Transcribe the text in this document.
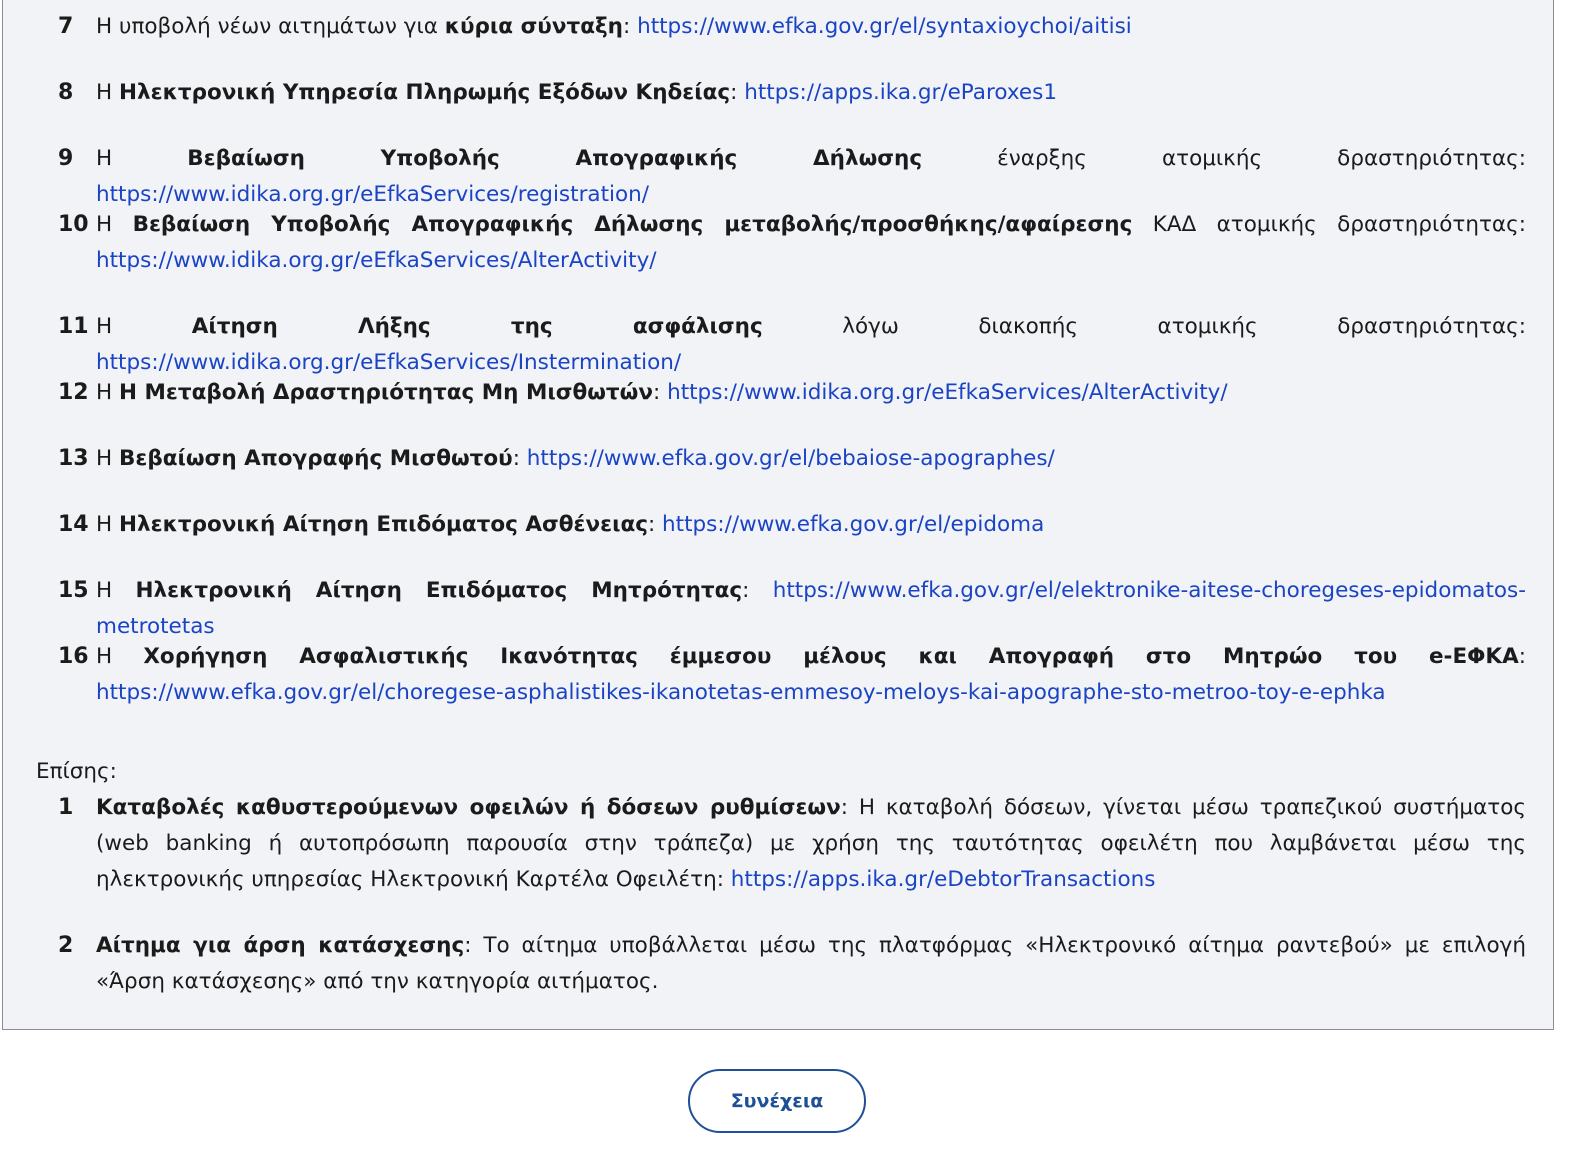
7 Η υποβολή νέων αιτημάτων για κύρια σύνταξη: https://www.efka.gov.gr/el/syntaxioychoi/aitisi
8 Η Ηλεκτρονική Υπηρεσία Πληρωμής Εξόδων Κηδείας: https://apps.ika.gr/eParoxes1
9 Η Βεβαίωση Υποβολής Απογραφικής Δήλωσης έναρξης ατομικής δραστηριότητας: https://www.idika.org.gr/eEfkaServices/registration/
10 Η Βεβαίωση Υποβολής Απογραφικής Δήλωσης μεταβολής/προσθήκης/αφαίρεσης ΚΑΔ ατομικής δραστηριότητας: https://www.idika.org.gr/eEfkaServices/AlterActivity/
11 Η Αίτηση Λήξης της ασφάλισης λόγω διακοπής ατομικής δραστηριότητας: https://www.idika.org.gr/eEfkaServices/Instermination/
12 Η Η Μεταβολή Δραστηριότητας Μη Μισθωτών: https://www.idika.org.gr/eEfkaServices/AlterActivity/
13 Η Βεβαίωση Απογραφής Μισθωτού: https://www.efka.gov.gr/el/bebaiose-apographes/
14 Η Ηλεκτρονική Αίτηση Επιδόματος Ασθένειας: https://www.efka.gov.gr/el/epidoma
15 Η Ηλεκτρονική Αίτηση Επιδόματος Μητρότητας: https://www.efka.gov.gr/el/elektronike-aitese-choregeses-epidomatos-metrotetas
16 Η Χορήγηση Ασφαλιστικής Ικανότητας έμμεσου μέλους και Απογραφή στο Μητρώο του e-ΕΦΚΑ: https://www.efka.gov.gr/el/choregese-asphalistikes-ikanotetas-emmesoy-meloys-kai-apographe-sto-metroo-toy-e-ephka
Επίσης:
1 Καταβολές καθυστερούμενων οφειλών ή δόσεων ρυθμίσεων: Η καταβολή δόσεων, γίνεται μέσω τραπεζικού συστήματος (web banking ή αυτοπρόσωπη παρουσία στην τράπεζα) με χρήση της ταυτότητας οφειλέτη που λαμβάνεται μέσω της ηλεκτρονικής υπηρεσίας Ηλεκτρονική Καρτέλα Οφειλέτη: https://apps.ika.gr/eDebtorTransactions
2 Αίτημα για άρση κατάσχεσης: Το αίτημα υποβάλλεται μέσω της πλατφόρμας «Ηλεκτρονικό αίτημα ραντεβού» με επιλογή «Άρση κατάσχεσης» από την κατηγορία αιτήματος.
Συνέχεια
